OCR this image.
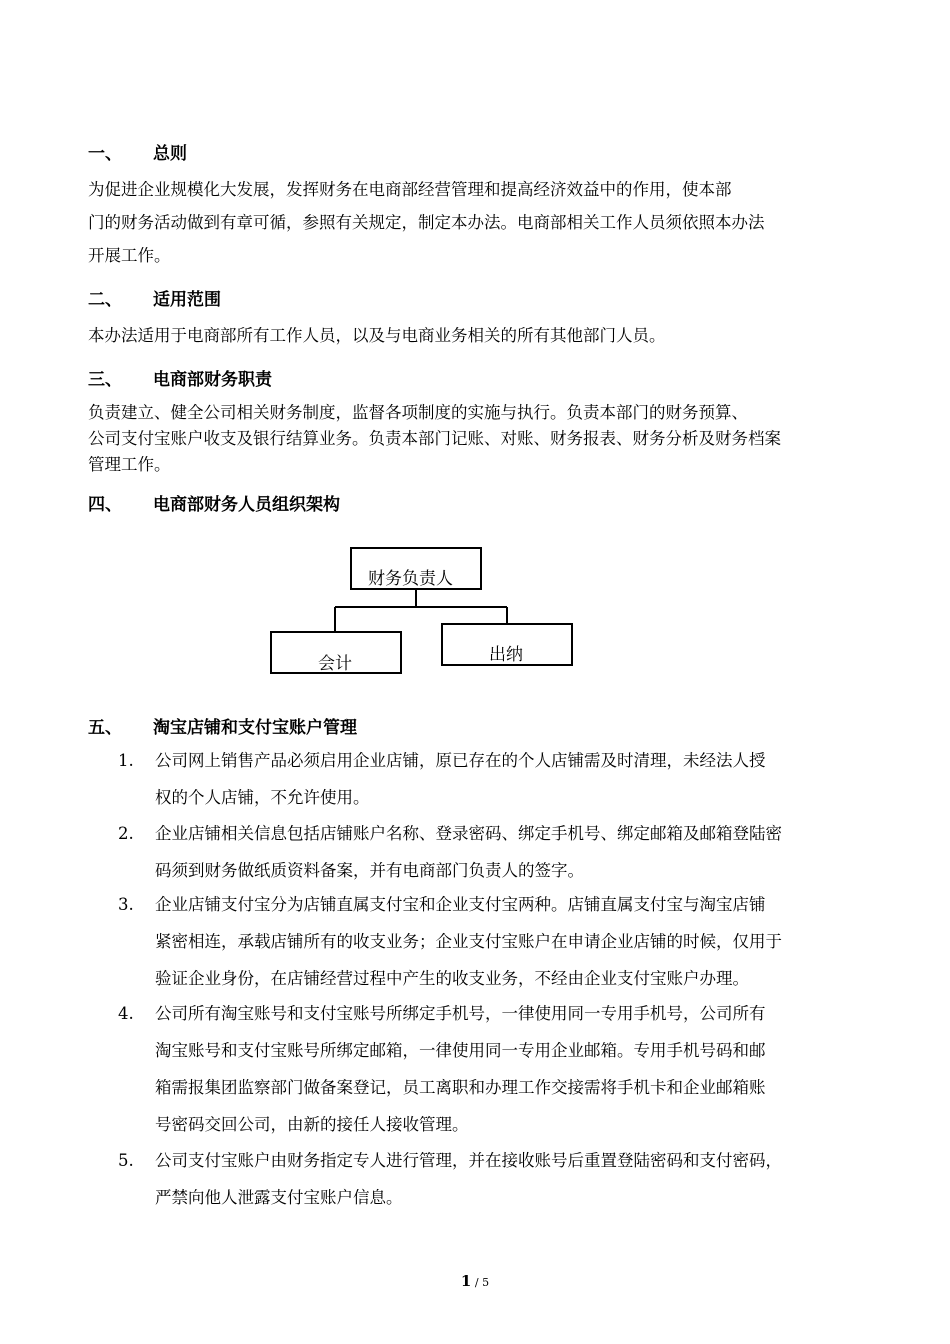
一、 总则
为促进企业规模化大发展，发挥财务在电商部经营管理和提高经济效益中的作用，使本部
门的财务活动做到有章可循，参照有关规定，制定本办法。电商部相关工作人员须依照本办法
开展工作。
二、 适用范围
本办法适用于电商部所有工作人员，以及与电商业务相关的所有其他部门人员。
三、 电商部财务职责
负责建立、健全公司相关财务制度，监督各项制度的实施与执行。负责本部门的财务预算、
公司支付宝账户收支及银行结算业务。负责本部门记账、对账、财务报表、财务分析及财务档案
管理工作。
四、 电商部财务人员组织架构
财务负责人
会计	出纳
五、 淘宝店铺和支付宝账户管理
1.	公司网上销售产品必须启用企业店铺，原已存在的个人店铺需及时清理，未经法人授
权的个人店铺，不允许使用。
2.	企业店铺相关信息包括店铺账户名称、登录密码、绑定手机号、绑定邮箱及邮箱登陆密
码须到财务做纸质资料备案，并有电商部门负责人的签字。
3.	企业店铺支付宝分为店铺直属支付宝和企业支付宝两种。店铺直属支付宝与淘宝店铺
紧密相连，承载店铺所有的收支业务；企业支付宝账户在申请企业店铺的时候，仅用于
验证企业身份，在店铺经营过程中产生的收支业务，不经由企业支付宝账户办理。
4.	公司所有淘宝账号和支付宝账号所绑定手机号，一律使用同一专用手机号，公司所有
淘宝账号和支付宝账号所绑定邮箱，一律使用同一专用企业邮箱。专用手机号码和邮
箱需报集团监察部门做备案登记，员工离职和办理工作交接需将手机卡和企业邮箱账
号密码交回公司，由新的接任人接收管理。
5.	公司支付宝账户由财务指定专人进行管理，并在接收账号后重置登陆密码和支付密码，
严禁向他人泄露支付宝账户信息。
1 / 5
